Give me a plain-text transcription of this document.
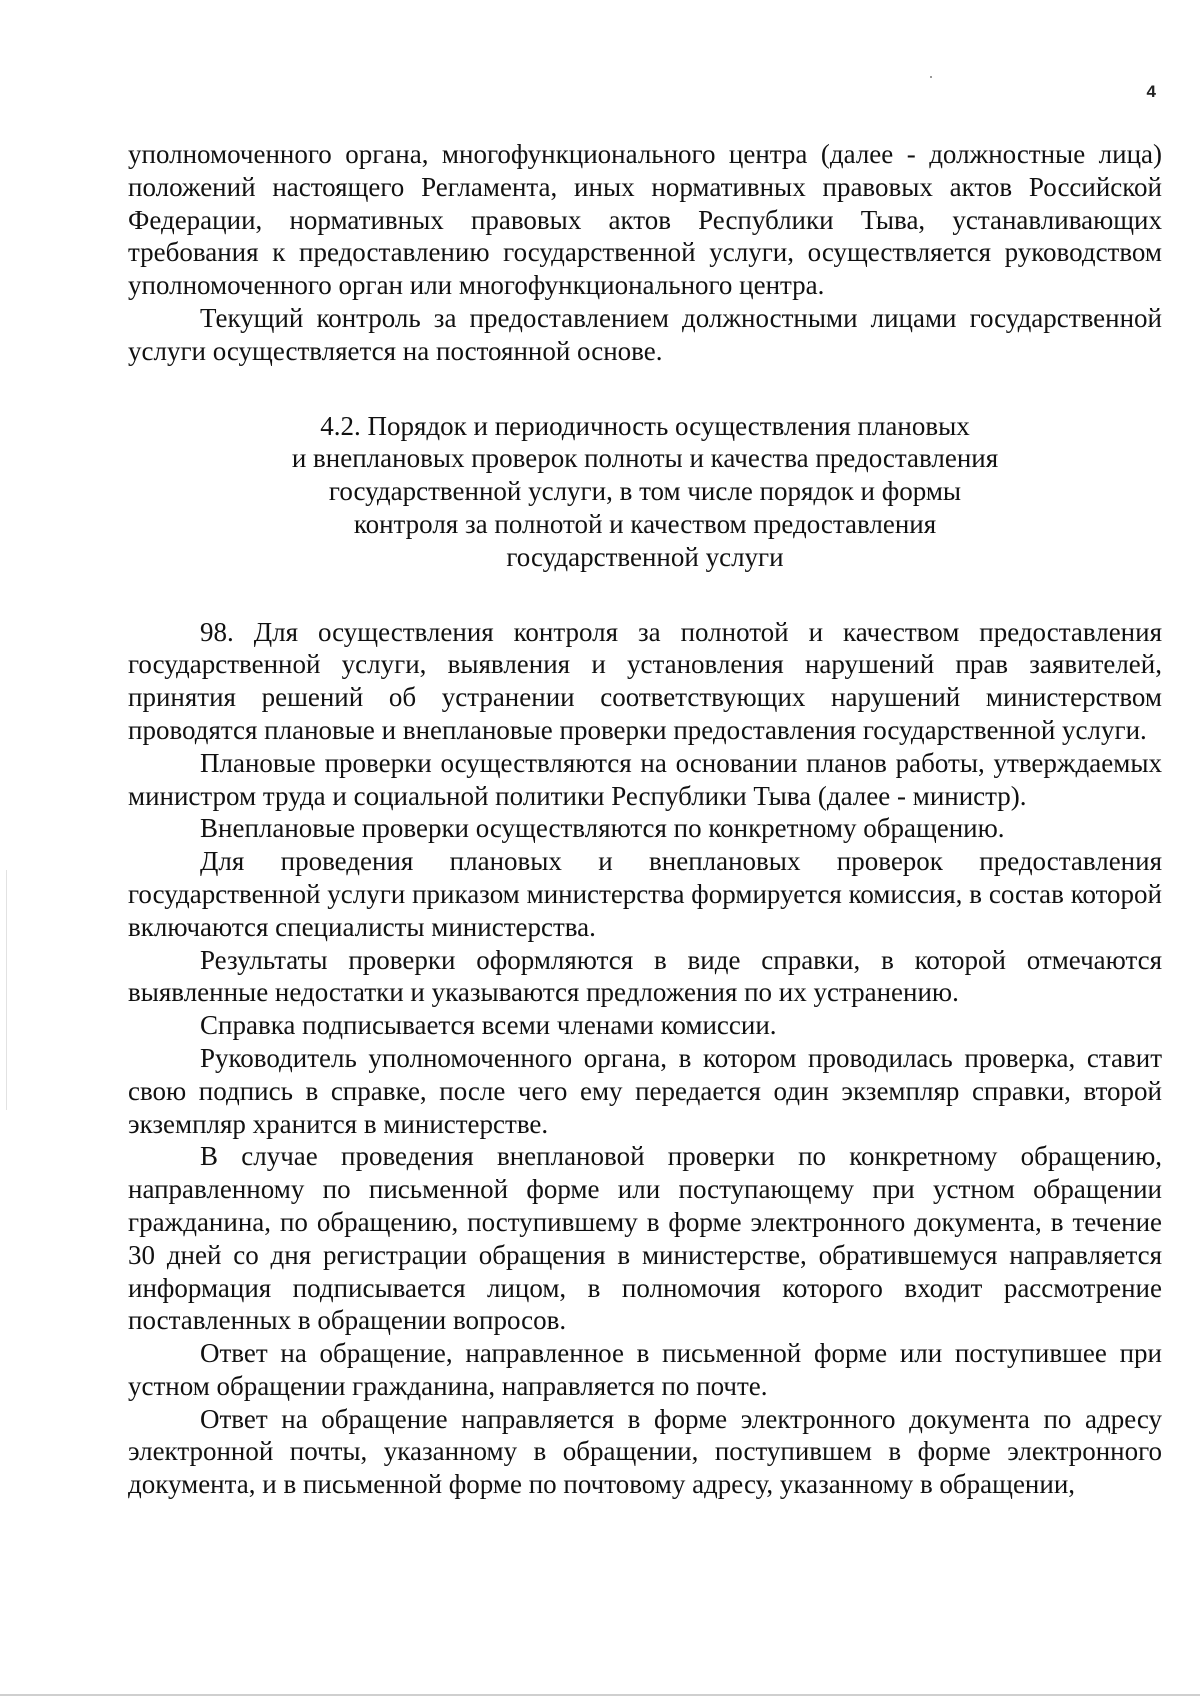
4

уполномоченного органа, многофункционального центра (далее - должностные лица) положений настоящего Регламента, иных нормативных правовых актов Российской Федерации, нормативных правовых актов Республики Тыва, устанавливающих требования к предоставлению государственной услуги, осуществляется руководством уполномоченного орган или многофункционального центра.

Текущий контроль за предоставлением должностными лицами государственной услуги осуществляется на постоянной основе.

4.2. Порядок и периодичность осуществления плановых
и внеплановых проверок полноты и качества предоставления
государственной услуги, в том числе порядок и формы
контроля за полнотой и качеством предоставления
государственной услуги

98. Для осуществления контроля за полнотой и качеством предоставления государственной услуги, выявления и установления нарушений прав заявителей, принятия решений об устранении соответствующих нарушений министерством проводятся плановые и внеплановые проверки предоставления государственной услуги.

Плановые проверки осуществляются на основании планов работы, утверждаемых министром труда и социальной политики Республики Тыва (далее - министр).

Внеплановые проверки осуществляются по конкретному обращению.

Для проведения плановых и внеплановых проверок предоставления государственной услуги приказом министерства формируется комиссия, в состав которой включаются специалисты министерства.

Результаты проверки оформляются в виде справки, в которой отмечаются выявленные недостатки и указываются предложения по их устранению.

Справка подписывается всеми членами комиссии.

Руководитель уполномоченного органа, в котором проводилась проверка, ставит свою подпись в справке, после чего ему передается один экземпляр справки, второй экземпляр хранится в министерстве.

В случае проведения внеплановой проверки по конкретному обращению, направленному по письменной форме или поступающему при устном обращении гражданина, по обращению, поступившему в форме электронного документа, в течение 30 дней со дня регистрации обращения в министерстве, обратившемуся направляется информация подписывается лицом, в полномочия которого входит рассмотрение поставленных в обращении вопросов.

Ответ на обращение, направленное в письменной форме или поступившее при устном обращении гражданина, направляется по почте.

Ответ на обращение направляется в форме электронного документа по адресу электронной почты, указанному в обращении, поступившем в форме электронного документа, и в письменной форме по почтовому адресу, указанному в обращении,
